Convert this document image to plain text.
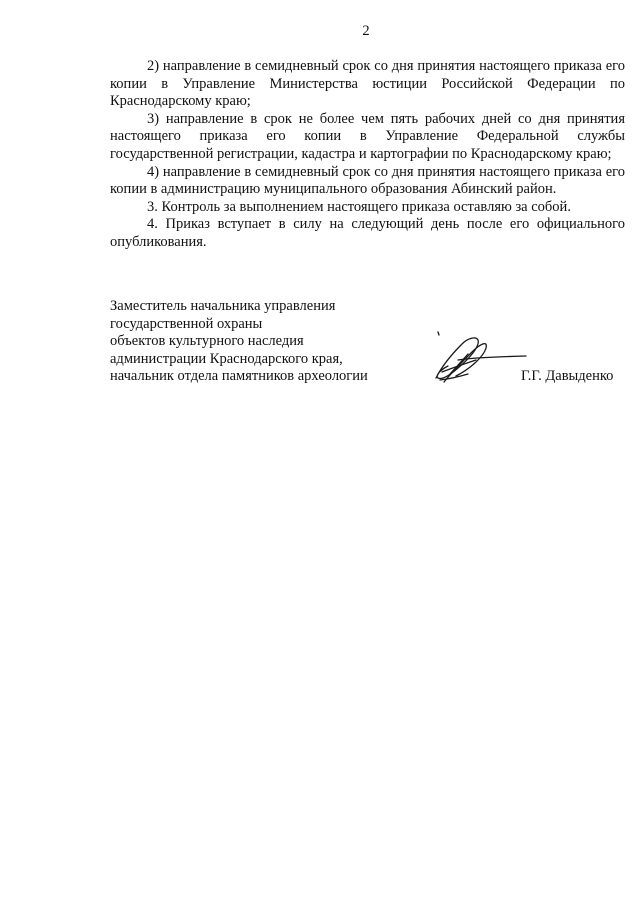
2

2) направление в семидневный срок со дня принятия настоящего приказа его копии в Управление Министерства юстиции Российской Федерации по Краснодарскому краю;

3) направление в срок не более чем пять рабочих дней со дня принятия настоящего приказа его копии в Управление Федеральной службы государственной регистрации, кадастра и картографии по Краснодарскому краю;

4) направление в семидневный срок со дня принятия настоящего приказа его копии в администрацию муниципального образования Абинский район.

3. Контроль за выполнением настоящего приказа оставляю за собой.

4. Приказ вступает в силу на следующий день после его официального опубликования.

Заместитель начальника управления
государственной охраны
объектов культурного наследия
администрации Краснодарского края,
начальник отдела памятников археологии	Г.Г. Давыденко
